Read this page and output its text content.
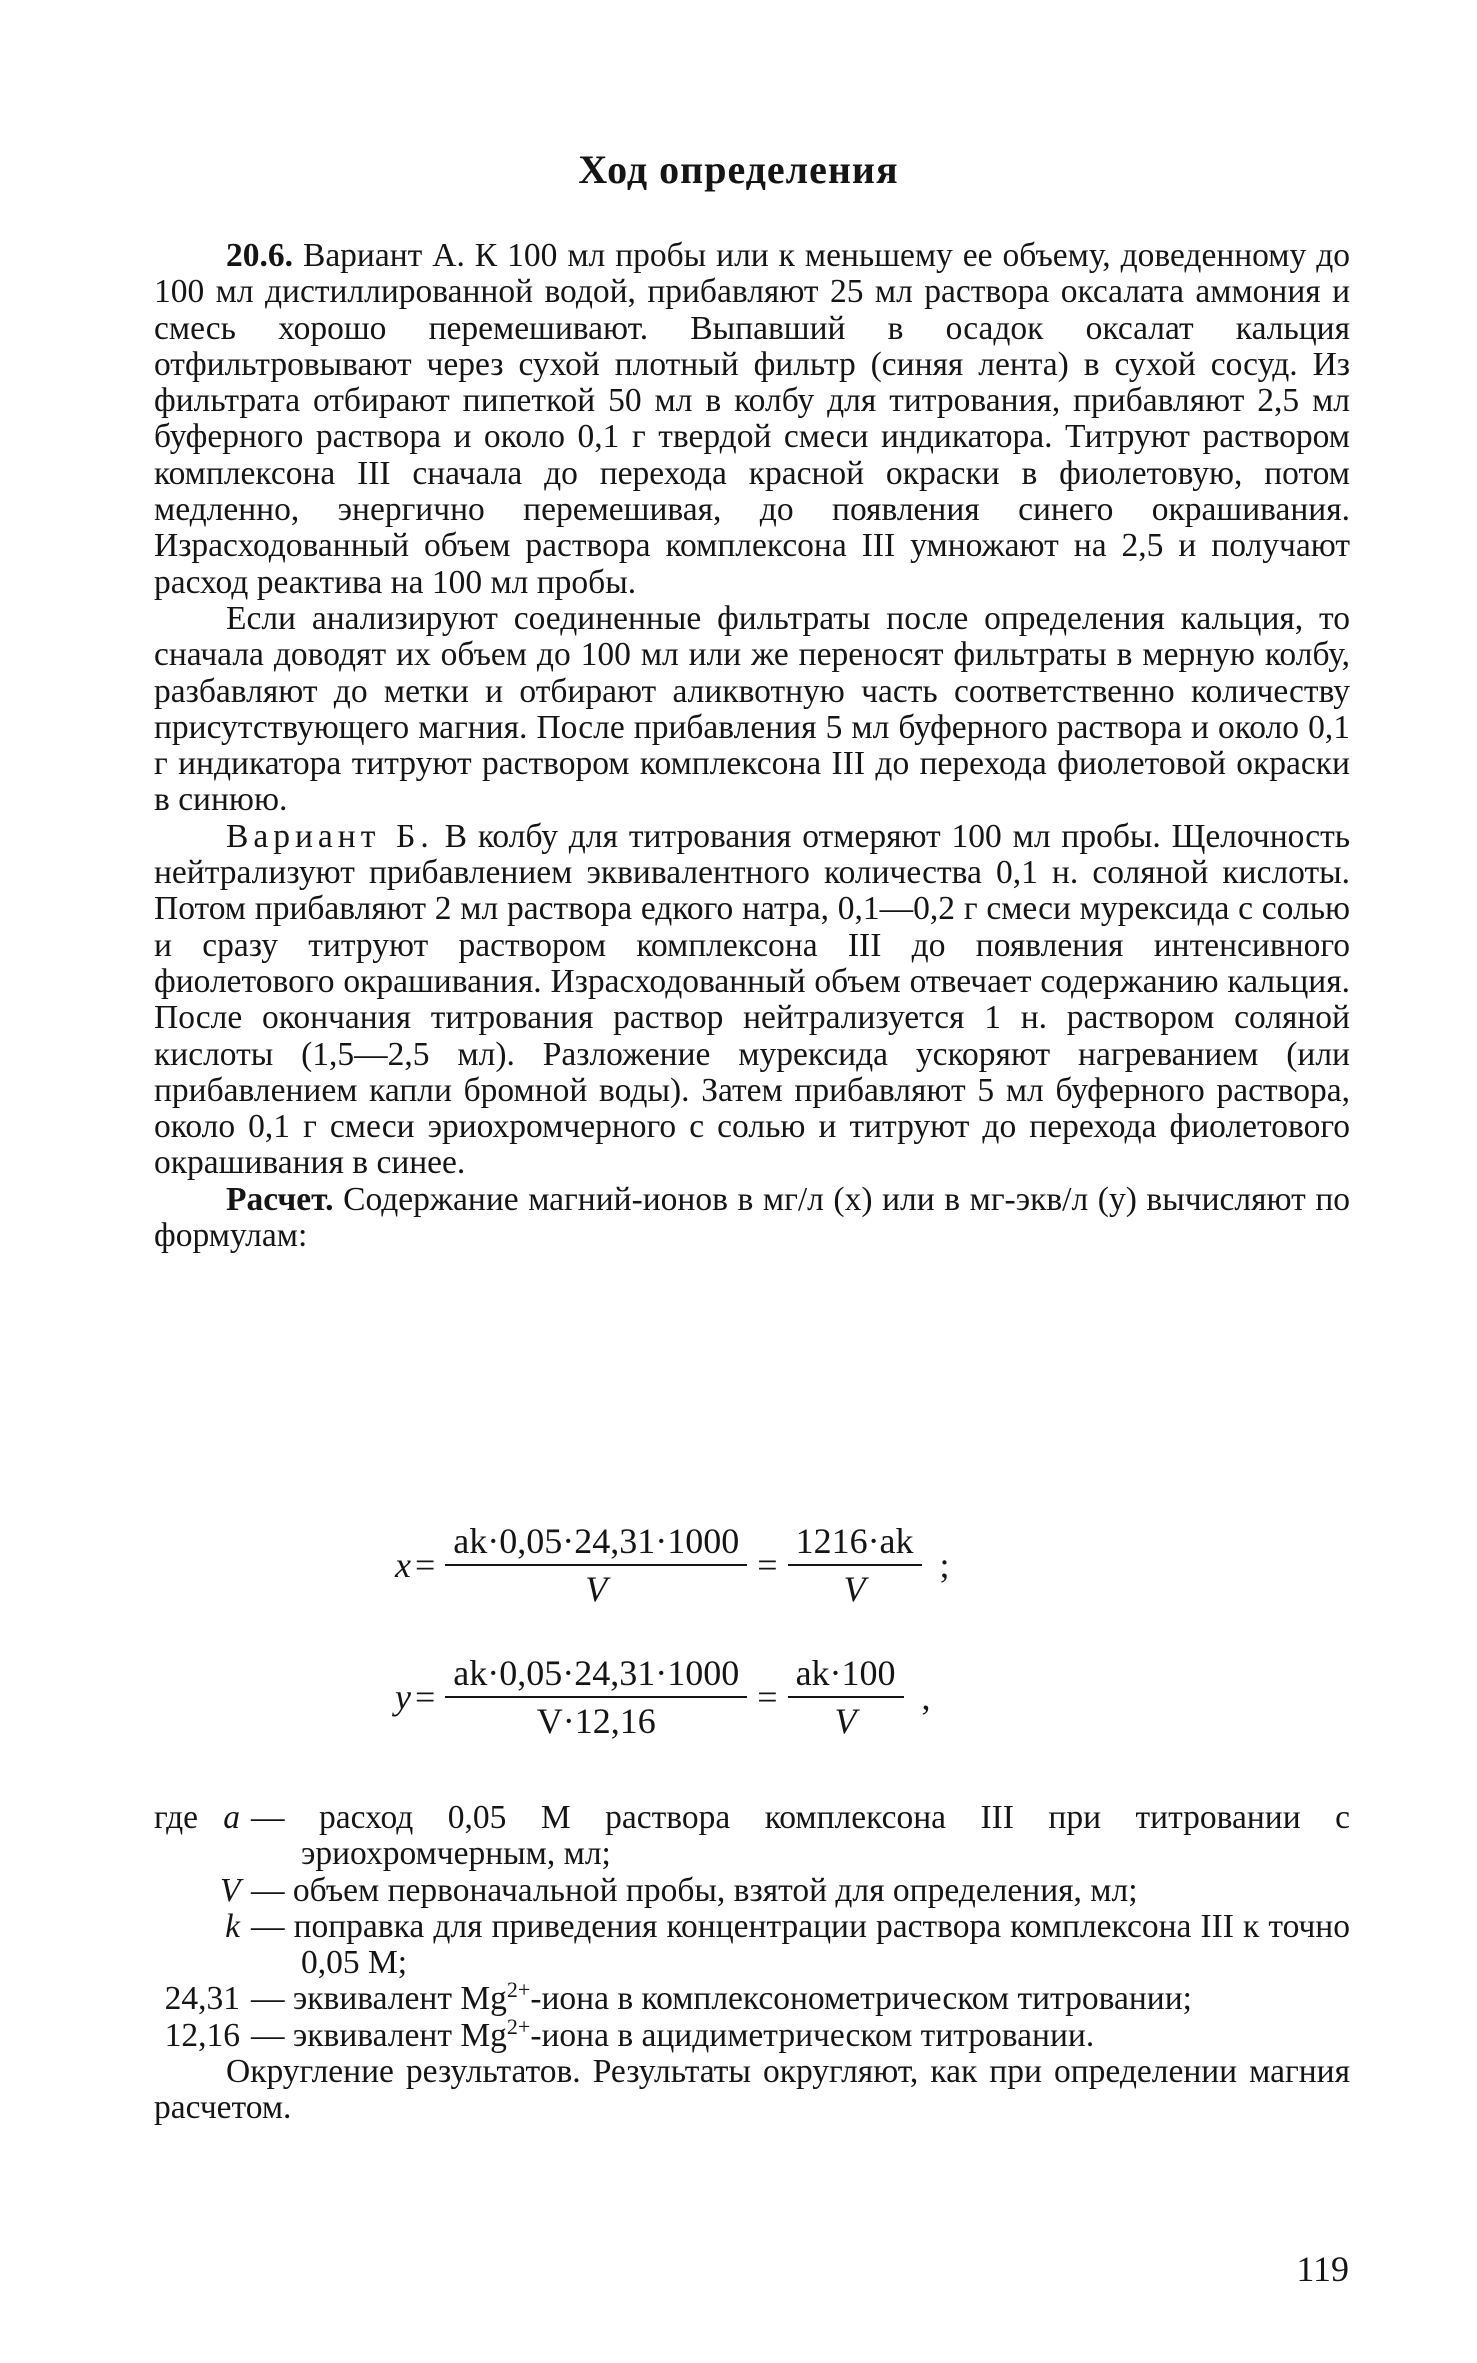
Ход определения

20.6. Вариант А. К 100 мл пробы или к меньшему ее объему, доведенному до 100 мл дистиллированной водой, прибавляют 25 мл раствора оксалата аммония и смесь хорошо перемешивают. Выпавший в осадок оксалат кальция отфильтровывают через сухой плотный фильтр (синяя лента) в сухой сосуд. Из фильтрата отбирают пипеткой 50 мл в колбу для титрования, прибавляют 2,5 мл буферного раствора и около 0,1 г твердой смеси индикатора. Титруют раствором комплексона III сначала до перехода красной окраски в фиолетовую, потом медленно, энергично перемешивая, до появления синего окрашивания. Израсходованный объем раствора комплексона III умножают на 2,5 и получают расход реактива на 100 мл пробы.

Если анализируют соединенные фильтраты после определения кальция, то сначала доводят их объем до 100 мл или же переносят фильтраты в мерную колбу, разбавляют до метки и отбирают аликвотную часть соответственно количеству присутствующего магния. После прибавления 5 мл буферного раствора и около 0,1 г индикатора титруют раствором комплексона III до перехода фиолетовой окраски в синюю.

Вариант Б. В колбу для титрования отмеряют 100 мл пробы. Щелочность нейтрализуют прибавлением эквивалентного количества 0,1 н. соляной кислоты. Потом прибавляют 2 мл раствора едкого натра, 0,1—0,2 г смеси мурексида с солью и сразу титруют раствором комплексона III до появления интенсивного фиолетового окрашивания. Израсходованный объем отвечает содержанию кальция. После окончания титрования раствор нейтрализуется 1 н. раствором соляной кислоты (1,5—2,5 мл). Разложение мурексида ускоряют нагреванием (или прибавлением капли бромной воды). Затем прибавляют 5 мл буферного раствора, около 0,1 г смеси эриохромчерного с солью и титруют до перехода фиолетового окрашивания в синее.

Расчет. Содержание магний-ионов в мг/л (x) или в мг-экв/л (y) вычисляют по формулам:

$x = \frac{ak\cdot 0,05\cdot 24,31\cdot 1000}{V} = \frac{1216\cdot ak}{V}$ ;
$y = \frac{ak\cdot 0,05\cdot 24,31\cdot 1000}{V\cdot 12,16} = \frac{ak\cdot 100}{V}$ ,
где a — расход 0,05 М раствора комплексона III при титровании с эриохромчерным, мл;
V — объем первоначальной пробы, взятой для определения, мл;
k — поправка для приведения концентрации раствора комплексона III к точно 0,05 М;
24,31 — эквивалент $Mg^{2+}$-иона в комплексонометрическом титровании;
12,16 — эквивалент $Mg^{2+}$-иона в ацидиметрическом титровании.

Округление результатов. Результаты округляют, как при определении магния расчетом.

119
